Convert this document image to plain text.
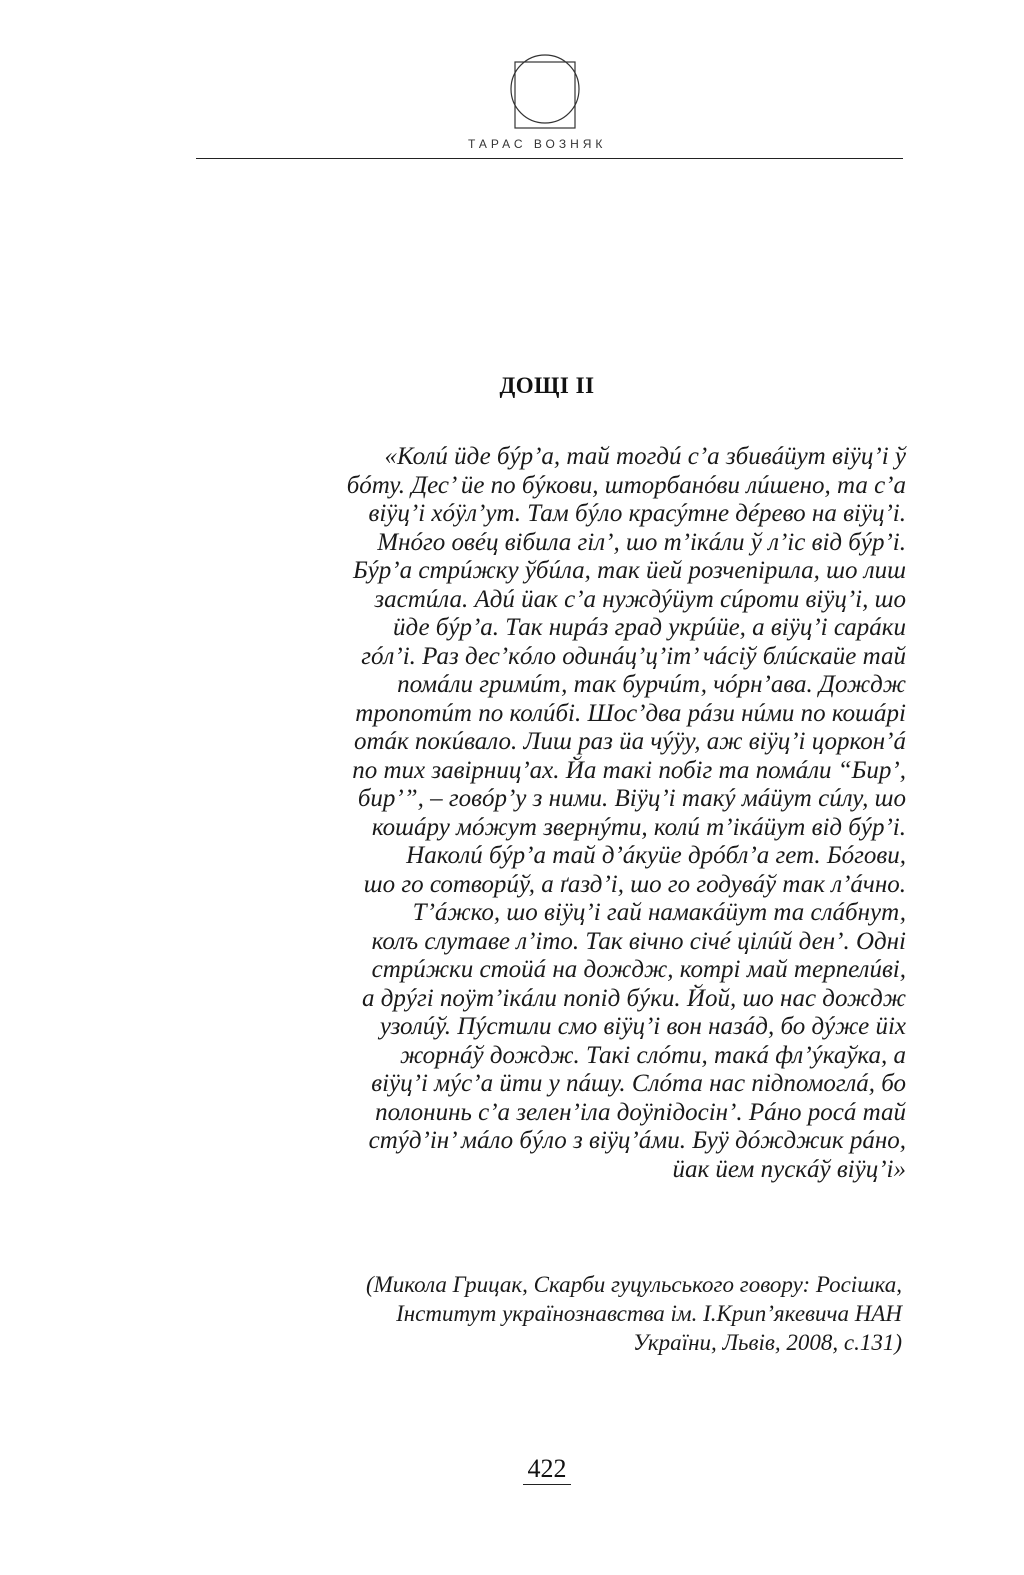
ТАРАС ВОЗНЯК
ДОЩІ ІІ
«Колú ӥде бýр’а, тай тогдú с’а збивáӥут віӱц’і ў
бóту. Дес’ ӥе по бýкови, шторбанóви лúшено, та с’а
віӱц’і хóӱл’ут. Там бýло красýтне дéрево на віӱц’і.
Мнóго овéц вібила гіл’, шо т’ікáли ў л’іс від бýр’і.
Бýр’а стрúжку ўбúла, так ӥей розчепірила, шо лиш
застúла. Адú ӥак с’а нуждýӥут сúроти віӱц’і, шо
ӥде бýр’а. Так нирáз град укрúӥе, а віӱц’і сарáки
гóл’і. Раз дес’кóло одинáц’ц’іт’ чáсіў блúскаӥе тай
помáли гримúт, так бурчúт, чóрн’ава. Дождж
тропотúт по колúбі. Шос’два рáзи нúми по кошáрі
отáк покúвало. Лиш раз ӥа чýӱу, аж віӱц’і цоркон’á
по тих завірниц’ах. Йа такі побіг та помáли “Бир’,
бир’”, – говóр’у з ними. Віӱц’і такý мáӥут сúлу, шо
кошáру мóжут звернýти, колú т’ікáӥут від бýр’і.
Наколú бýр’а тай д’áкуӥе дрóбл’а гет. Бóгови,
шо го сотворúў, а ґазд’і, шо го годувáў так л’áчно.
Т’áжко, шо віӱц’і гай намакáӥут та слáбнут,
колъ слутаве л’іто. Так вічно січé цілúй ден’. Одні
стрúжки стоӥá на дождж, котрі май терпелúві,
а дрýгі поӱт’ікáли попід бýки. Йой, шо нас дождж
узолúў. Пýстили смо віӱц’і вон назáд, бо дýже ӥіх
жорнáў дождж. Такі слóти, такá фл’ýкаўка, а
віӱц’і мýс’а ӥти у пáшу. Слóта нас підпомоглá, бо
полонинь с’а зелен’іла доӱпідосін’. Рáно росá тай
стýд’ін’ мáло бýло з віӱц’áми. Буӱ дóжджик рáно,
ӥак ӥем пускáў віӱц’і»
(Микола Грицак, Скарби гуцульського говору: Росішка,
Інститут українознавства ім. І.Крип’якевича НАН
України, Львів, 2008, с.131)
422
